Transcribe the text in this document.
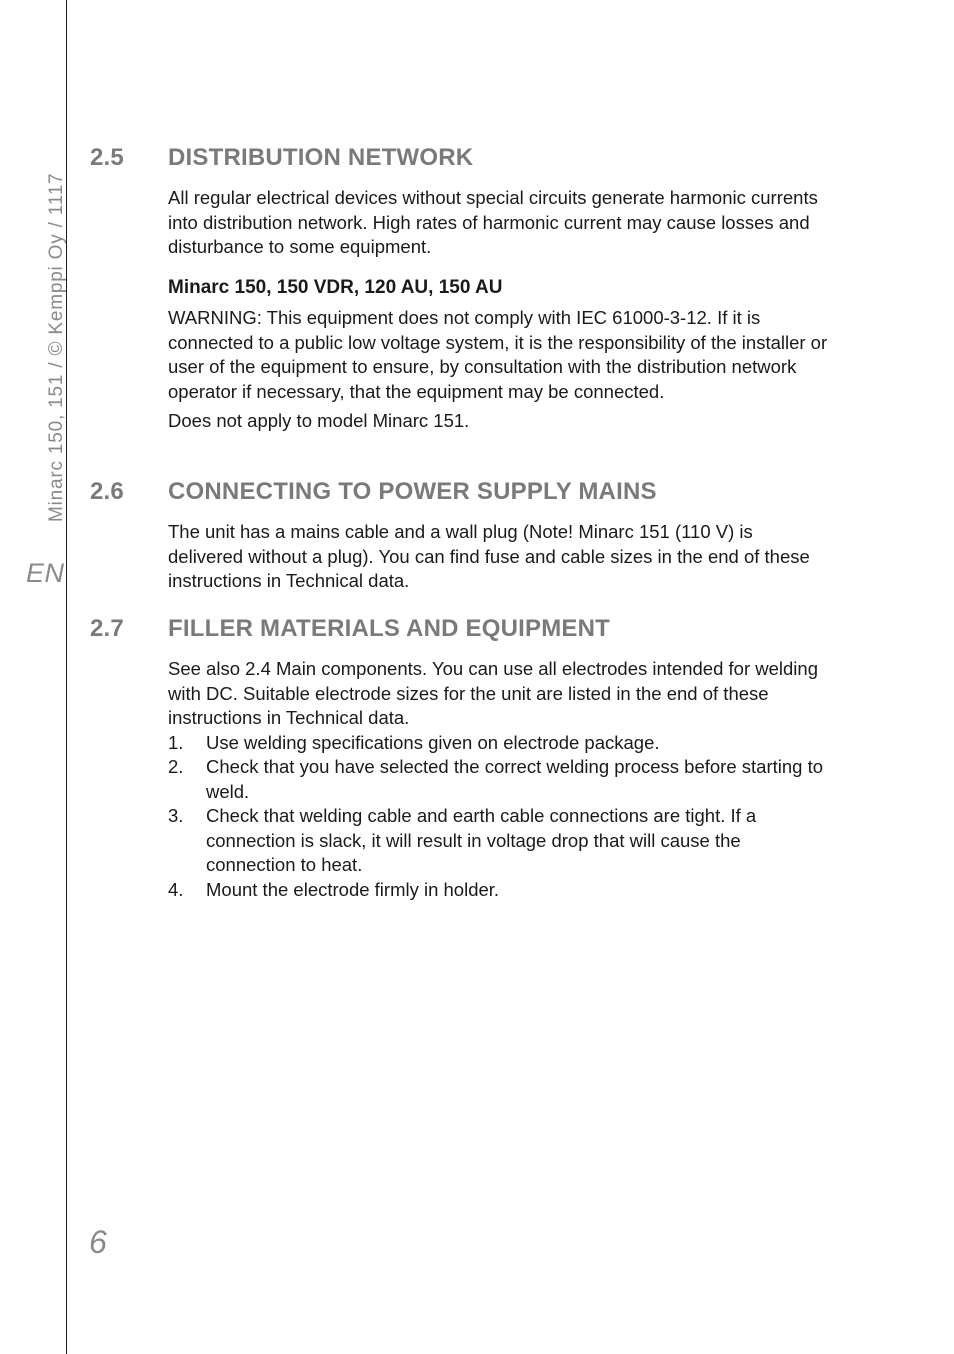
Minarc 150, 151 / © Kemppi Oy / 1117
EN
6
2.5 DISTRIBUTION NETWORK

All regular electrical devices without special circuits generate harmonic currents into distribution network. High rates of harmonic current may cause losses and disturbance to some equipment.

Minarc 150, 150 VDR, 120 AU, 150 AU

WARNING: This equipment does not comply with IEC 61000-3-12. If it is connected to a public low voltage system, it is the responsibility of the installer or user of the equipment to ensure, by consultation with the distribution network operator if necessary, that the equipment may be connected.

Does not apply to model Minarc 151.

2.6 CONNECTING TO POWER SUPPLY MAINS

The unit has a mains cable and a wall plug (Note! Minarc 151 (110 V) is delivered without a plug). You can find fuse and cable sizes in the end of these instructions in Technical data.

2.7 FILLER MATERIALS AND EQUIPMENT

See also 2.4 Main components. You can use all electrodes intended for welding with DC. Suitable electrode sizes for the unit are listed in the end of these instructions in Technical data.

1. Use welding specifications given on electrode package.
2. Check that you have selected the correct welding process before starting to weld.
3. Check that welding cable and earth cable connections are tight. If a connection is slack, it will result in voltage drop that will cause the connection to heat.
4. Mount the electrode firmly in holder.
